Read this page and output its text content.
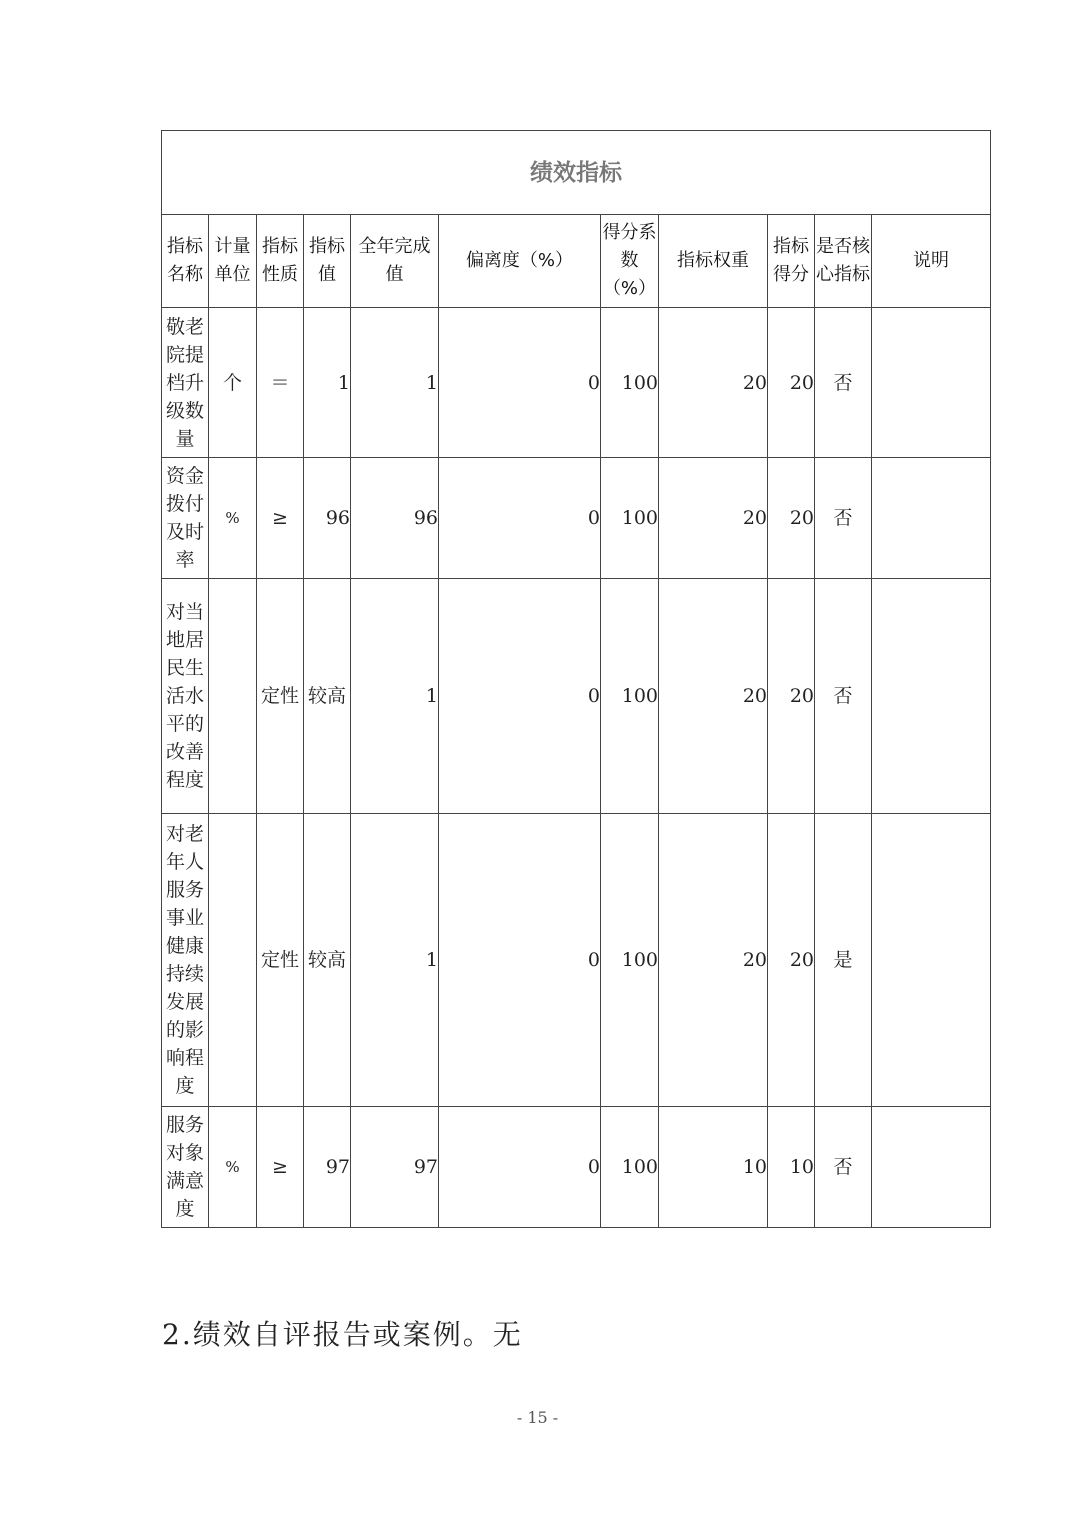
绩效指标										
指标名称	计量单位	指标性质	指标值	全年完成值	偏离度（%）	得分系数（%）	指标权重	指标得分	是否核心指标	说明
敬老院提档升级数量	个	＝	1	1	0	100	20	20	否	
资金拨付及时率	%	≥	96	96	0	100	20	20	否	
对当地居民生活水平的改善程度		定性	较高	1	0	100	20	20	否	
对老年人服务事业健康持续发展的影响程度		定性	较高	1	0	100	20	20	是	
服务对象满意度	%	≥	97	97	0	100	10	10	否	
2.绩效自评报告或案例。无
- 15 -
